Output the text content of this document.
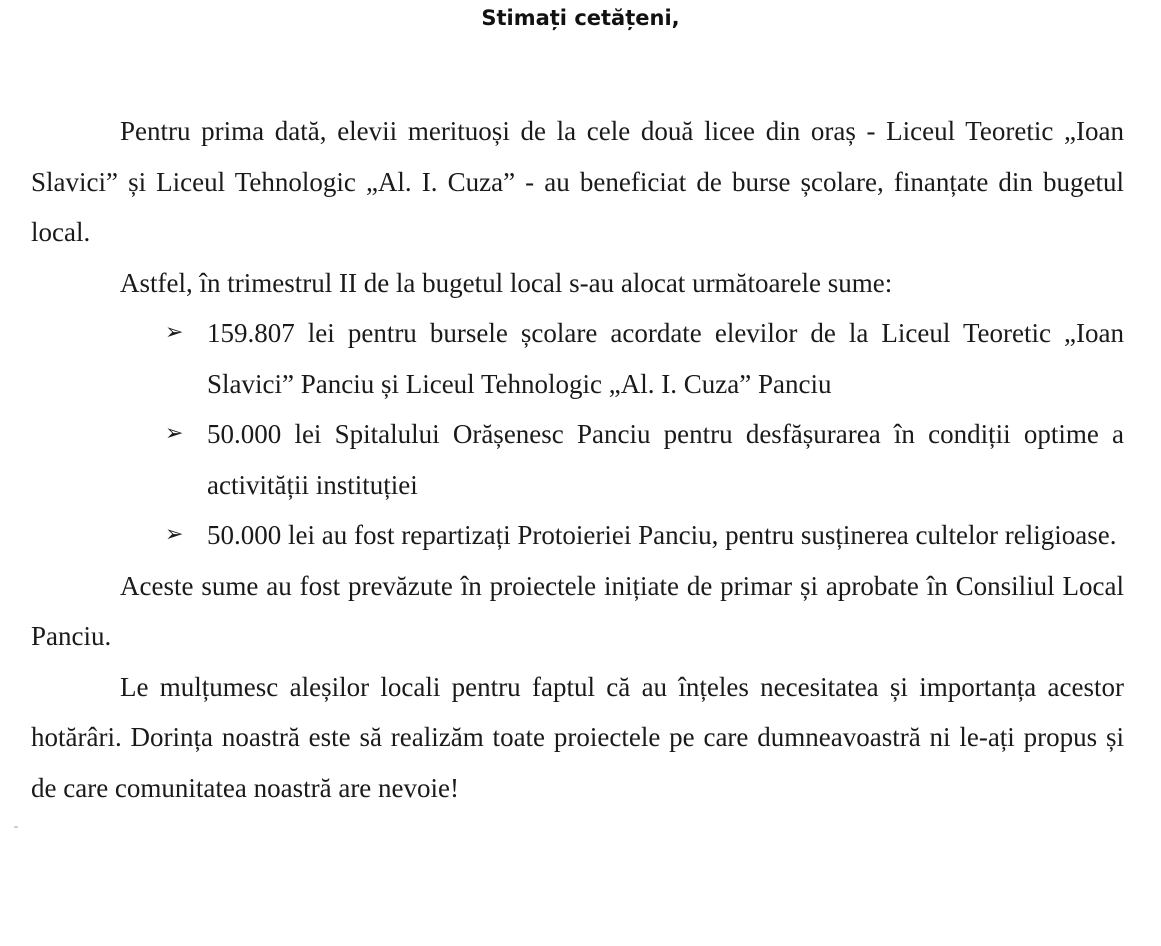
Stimați cetățeni,

Pentru prima dată, elevii merituoși de la cele două licee din oraș - Liceul Teoretic „Ioan Slavici” și Liceul Tehnologic „Al. I. Cuza” - au beneficiat de burse școlare, finanțate din bugetul local.

Astfel, în trimestrul II de la bugetul local s-au alocat următoarele sume:

➢ 159.807 lei pentru bursele școlare acordate elevilor de la Liceul Teoretic „Ioan Slavici” Panciu și Liceul Tehnologic „Al. I. Cuza” Panciu
➢ 50.000 lei Spitalului Orășenesc Panciu pentru desfășurarea în condiții optime a activității instituției
➢ 50.000 lei au fost repartizați Protoieriei Panciu, pentru susținerea cultelor religioase.

Aceste sume au fost prevăzute în proiectele inițiate de primar și aprobate în Consiliul Local Panciu.

Le mulțumesc aleșilor locali pentru faptul că au înțeles necesitatea și importanța acestor hotărâri. Dorința noastră este să realizăm toate proiectele pe care dumneavoastră ni le-ați propus și de care comunitatea noastră are nevoie!
